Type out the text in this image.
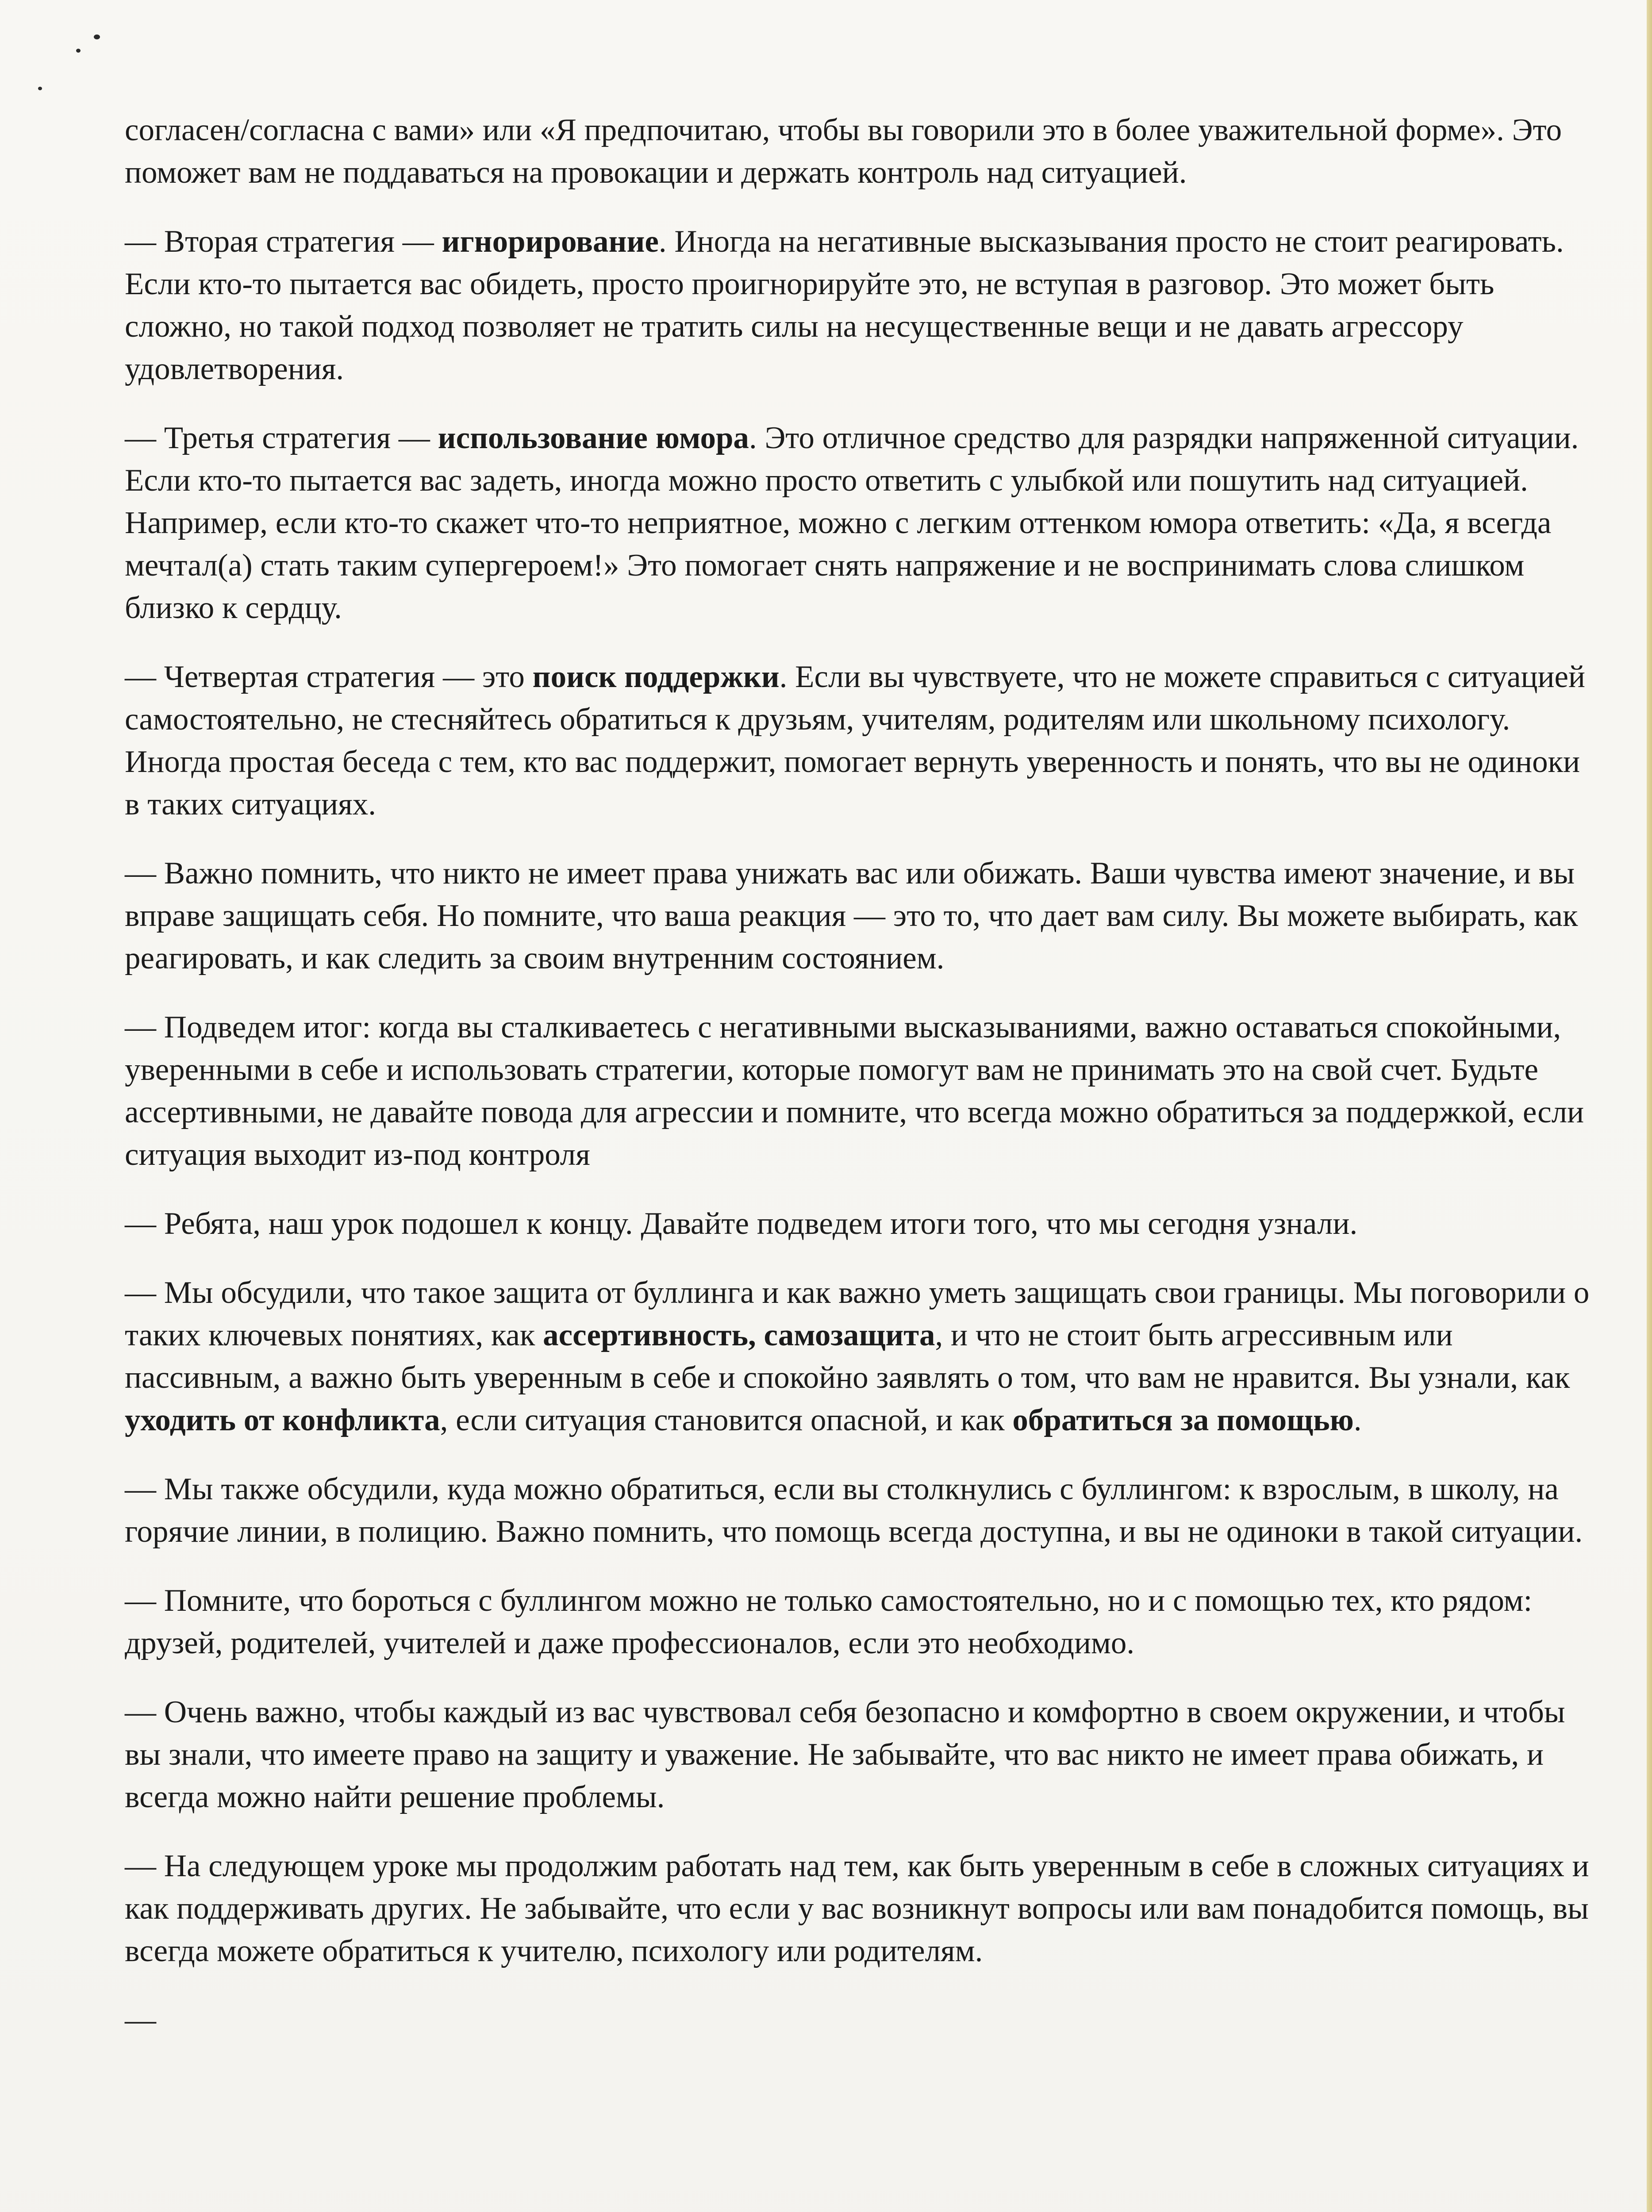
согласен/согласна с вами» или «Я предпочитаю, чтобы вы говорили это в более уважительной форме». Это поможет вам не поддаваться на провокации и держать контроль над ситуацией.

— Вторая стратегия — игнорирование. Иногда на негативные высказывания просто не стоит реагировать. Если кто-то пытается вас обидеть, просто проигнорируйте это, не вступая в разговор. Это может быть сложно, но такой подход позволяет не тратить силы на несущественные вещи и не давать агрессору удовлетворения.

— Третья стратегия — использование юмора. Это отличное средство для разрядки напряженной ситуации. Если кто-то пытается вас задеть, иногда можно просто ответить с улыбкой или пошутить над ситуацией. Например, если кто-то скажет что-то неприятное, можно с легким оттенком юмора ответить: «Да, я всегда мечтал(а) стать таким супергероем!» Это помогает снять напряжение и не воспринимать слова слишком близко к сердцу.

— Четвертая стратегия — это поиск поддержки. Если вы чувствуете, что не можете справиться с ситуацией самостоятельно, не стесняйтесь обратиться к друзьям, учителям, родителям или школьному психологу. Иногда простая беседа с тем, кто вас поддержит, помогает вернуть уверенность и понять, что вы не одиноки в таких ситуациях.

— Важно помнить, что никто не имеет права унижать вас или обижать. Ваши чувства имеют значение, и вы вправе защищать себя. Но помните, что ваша реакция — это то, что дает вам силу. Вы можете выбирать, как реагировать, и как следить за своим внутренним состоянием.

— Подведем итог: когда вы сталкиваетесь с негативными высказываниями, важно оставаться спокойными, уверенными в себе и использовать стратегии, которые помогут вам не принимать это на свой счет. Будьте ассертивными, не давайте повода для агрессии и помните, что всегда можно обратиться за поддержкой, если ситуация выходит из-под контроля

— Ребята, наш урок подошел к концу. Давайте подведем итоги того, что мы сегодня узнали.

— Мы обсудили, что такое защита от буллинга и как важно уметь защищать свои границы. Мы поговорили о таких ключевых понятиях, как ассертивность, самозащита, и что не стоит быть агрессивным или пассивным, а важно быть уверенным в себе и спокойно заявлять о том, что вам не нравится. Вы узнали, как уходить от конфликта, если ситуация становится опасной, и как обратиться за помощью.

— Мы также обсудили, куда можно обратиться, если вы столкнулись с буллингом: к взрослым, в школу, на горячие линии, в полицию. Важно помнить, что помощь всегда доступна, и вы не одиноки в такой ситуации.

— Помните, что бороться с буллингом можно не только самостоятельно, но и с помощью тех, кто рядом: друзей, родителей, учителей и даже профессионалов, если это необходимо.

— Очень важно, чтобы каждый из вас чувствовал себя безопасно и комфортно в своем окружении, и чтобы вы знали, что имеете право на защиту и уважение. Не забывайте, что вас никто не имеет права обижать, и всегда можно найти решение проблемы.

— На следующем уроке мы продолжим работать над тем, как быть уверенным в себе в сложных ситуациях и как поддерживать других. Не забывайте, что если у вас возникнут вопросы или вам понадобится помощь, вы всегда можете обратиться к учителю, психологу или родителям.

—
